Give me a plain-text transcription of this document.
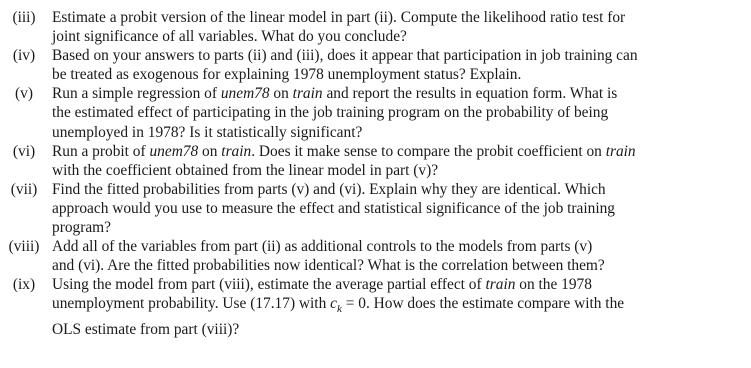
(iii)	Estimate a probit version of the linear model in part (ii). Compute the likelihood ratio test for
joint significance of all variables. What do you conclude?
(iv)	Based on your answers to parts (ii) and (iii), does it appear that participation in job training can
be treated as exogenous for explaining 1978 unemployment status? Explain.
(v)	Run a simple regression of unem78 on train and report the results in equation form. What is
the estimated effect of participating in the job training program on the probability of being
unemployed in 1978? Is it statistically significant?
(vi)	Run a probit of unem78 on train. Does it make sense to compare the probit coefficient on train
with the coefficient obtained from the linear model in part (v)?
(vii) Find the fitted probabilities from parts (v) and (vi). Explain why they are identical. Which
approach would you use to measure the effect and statistical significance of the job training
program?
(viii) Add all of the variables from part (ii) as additional controls to the models from parts (v)
and (vi). Are the fitted probabilities now identical? What is the correlation between them?
(ix)	Using the model from part (viii), estimate the average partial effect of train on the 1978
unemployment probability. Use (17.17) with $c_k = 0$. How does the estimate compare with the
OLS estimate from part (viii)?
